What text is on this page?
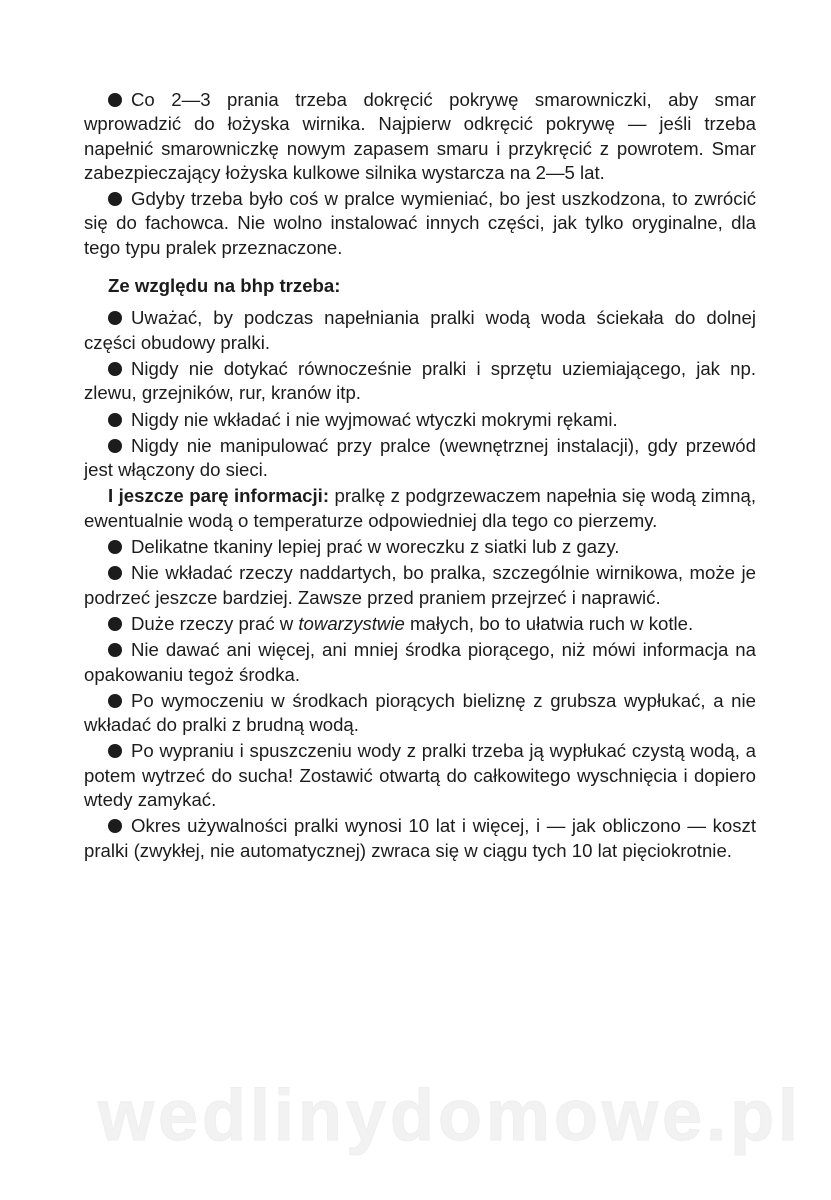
Co 2—3 prania trzeba dokręcić pokrywę smarowniczki, aby smar wprowadzić do łożyska wirnika. Najpierw odkręcić pokrywę — jeśli trzeba napełnić smarowniczkę nowym zapasem smaru i przykręcić z powrotem. Smar zabezpieczający łożyska kulkowe silnika wystarcza na 2—5 lat.

Gdyby trzeba było coś w pralce wymieniać, bo jest uszkodzona, to zwrócić się do fachowca. Nie wolno instalować innych części, jak tylko oryginalne, dla tego typu pralek przeznaczone.

Ze względu na bhp trzeba:

Uważać, by podczas napełniania pralki wodą woda ściekała do dolnej części obudowy pralki.

Nigdy nie dotykać równocześnie pralki i sprzętu uziemiającego, jak np. zlewu, grzejników, rur, kranów itp.

Nigdy nie wkładać i nie wyjmować wtyczki mokrymi rękami.

Nigdy nie manipulować przy pralce (wewnętrznej instalacji), gdy przewód jest włączony do sieci.

I jeszcze parę informacji: pralkę z podgrzewaczem napełnia się wodą zimną, ewentualnie wodą o temperaturze odpowiedniej dla tego co pierzemy.

Delikatne tkaniny lepiej prać w woreczku z siatki lub z gazy.

Nie wkładać rzeczy naddartych, bo pralka, szczególnie wirnikowa, może je podrzeć jeszcze bardziej. Zawsze przed praniem przejrzeć i naprawić.

Duże rzeczy prać w towarzystwie małych, bo to ułatwia ruch w kotle.

Nie dawać ani więcej, ani mniej środka piorącego, niż mówi informacja na opakowaniu tegoż środka.

Po wymoczeniu w środkach piorących bieliznę z grubsza wypłukać, a nie wkładać do pralki z brudną wodą.

Po wypraniu i spuszczeniu wody z pralki trzeba ją wypłukać czystą wodą, a potem wytrzeć do sucha! Zostawić otwartą do całkowitego wyschnięcia i dopiero wtedy zamykać.

Okres używalności pralki wynosi 10 lat i więcej, i — jak obliczono — koszt pralki (zwykłej, nie automatycznej) zwraca się w ciągu tych 10 lat pięciokrotnie.

wedlinydomowe.pl
